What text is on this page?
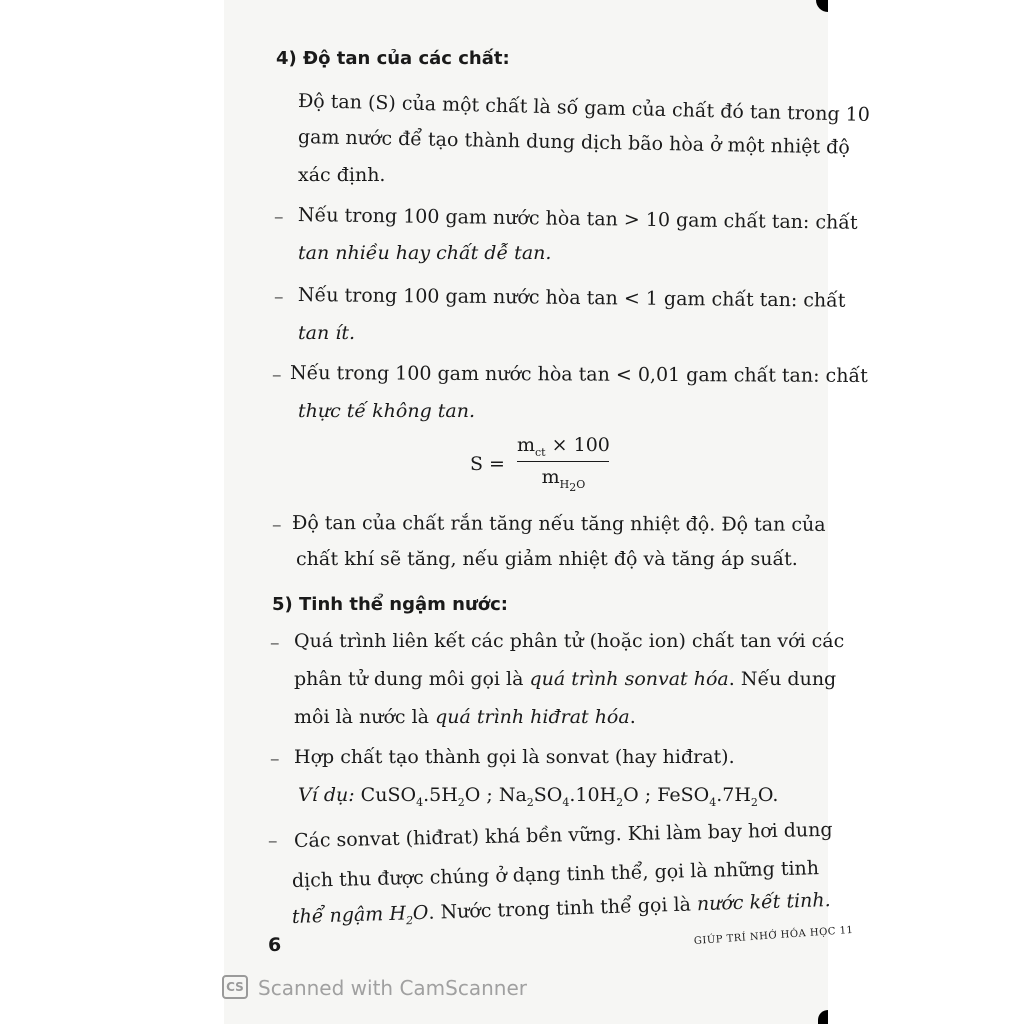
4) Độ tan của các chất:
Độ tan (S) của một chất là số gam của chất đó tan trong 10
gam nước để tạo thành dung dịch bão hòa ở một nhiệt độ
xác định.
– Nếu trong 100 gam nước hòa tan > 10 gam chất tan: chất
tan nhiều hay chất dễ tan.
– Nếu trong 100 gam nước hòa tan < 1 gam chất tan: chất
tan ít.
– Nếu trong 100 gam nước hòa tan < 0,01 gam chất tan: chất
thực tế không tan.
$S = \frac{m_{ct} \times 100}{m_{H_2O}}$
– Độ tan của chất rắn tăng nếu tăng nhiệt độ. Độ tan của
chất khí sẽ tăng, nếu giảm nhiệt độ và tăng áp suất.
5) Tinh thể ngậm nước:
– Quá trình liên kết các phân tử (hoặc ion) chất tan với các
phân tử dung môi gọi là quá trình sonvat hóa. Nếu dung
môi là nước là quá trình hiđrat hóa.
– Hợp chất tạo thành gọi là sonvat (hay hiđrat).
Ví dụ: $CuSO_4.5H_2O$ ; $Na_2SO_4.10H_2O$ ; $FeSO_4.7H_2O$.
– Các sonvat (hiđrat) khá bền vững. Khi làm bay hơi dung
dịch thu được chúng ở dạng tinh thể, gọi là những tinh
thể ngậm $H_2O$. Nước trong tinh thể gọi là nước kết tinh.
6	GIÚP TRÍ NHỚ HÓA HỌC 11
CS Scanned with CamScanner
